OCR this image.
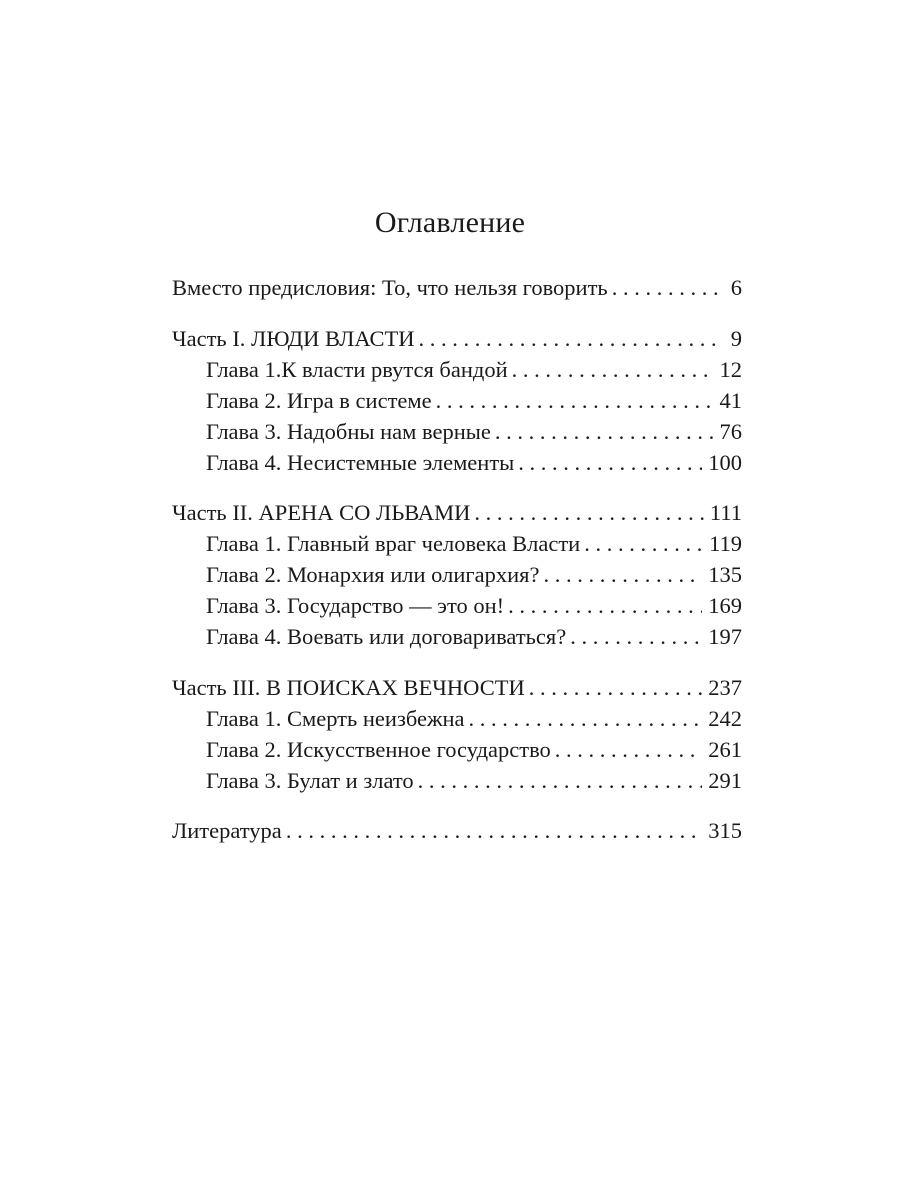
Оглавление
Вместо предисловия: То, что нельзя говорить . . .	6
Часть I. ЛЮДИ ВЛАСТИ . . .	9
Глава 1.К власти рвутся бандой . . .	12
Глава 2. Игра в системе . . .	41
Глава 3. Надобны нам верные . . .	76
Глава 4. Несистемные элементы . . .	100
Часть II. АРЕНА СО ЛЬВАМИ . . .	111
Глава 1. Главный враг человека Власти . . .	119
Глава 2. Монархия или олигархия? . . .	135
Глава 3. Государство — это он! . . .	169
Глава 4. Воевать или договариваться? . . .	197
Часть III. В ПОИСКАХ ВЕЧНОСТИ . . .	237
Глава 1. Смерть неизбежна . . .	242
Глава 2. Искусственное государство . . .	261
Глава 3. Булат и злато . . .	291
Литература . . .	315
